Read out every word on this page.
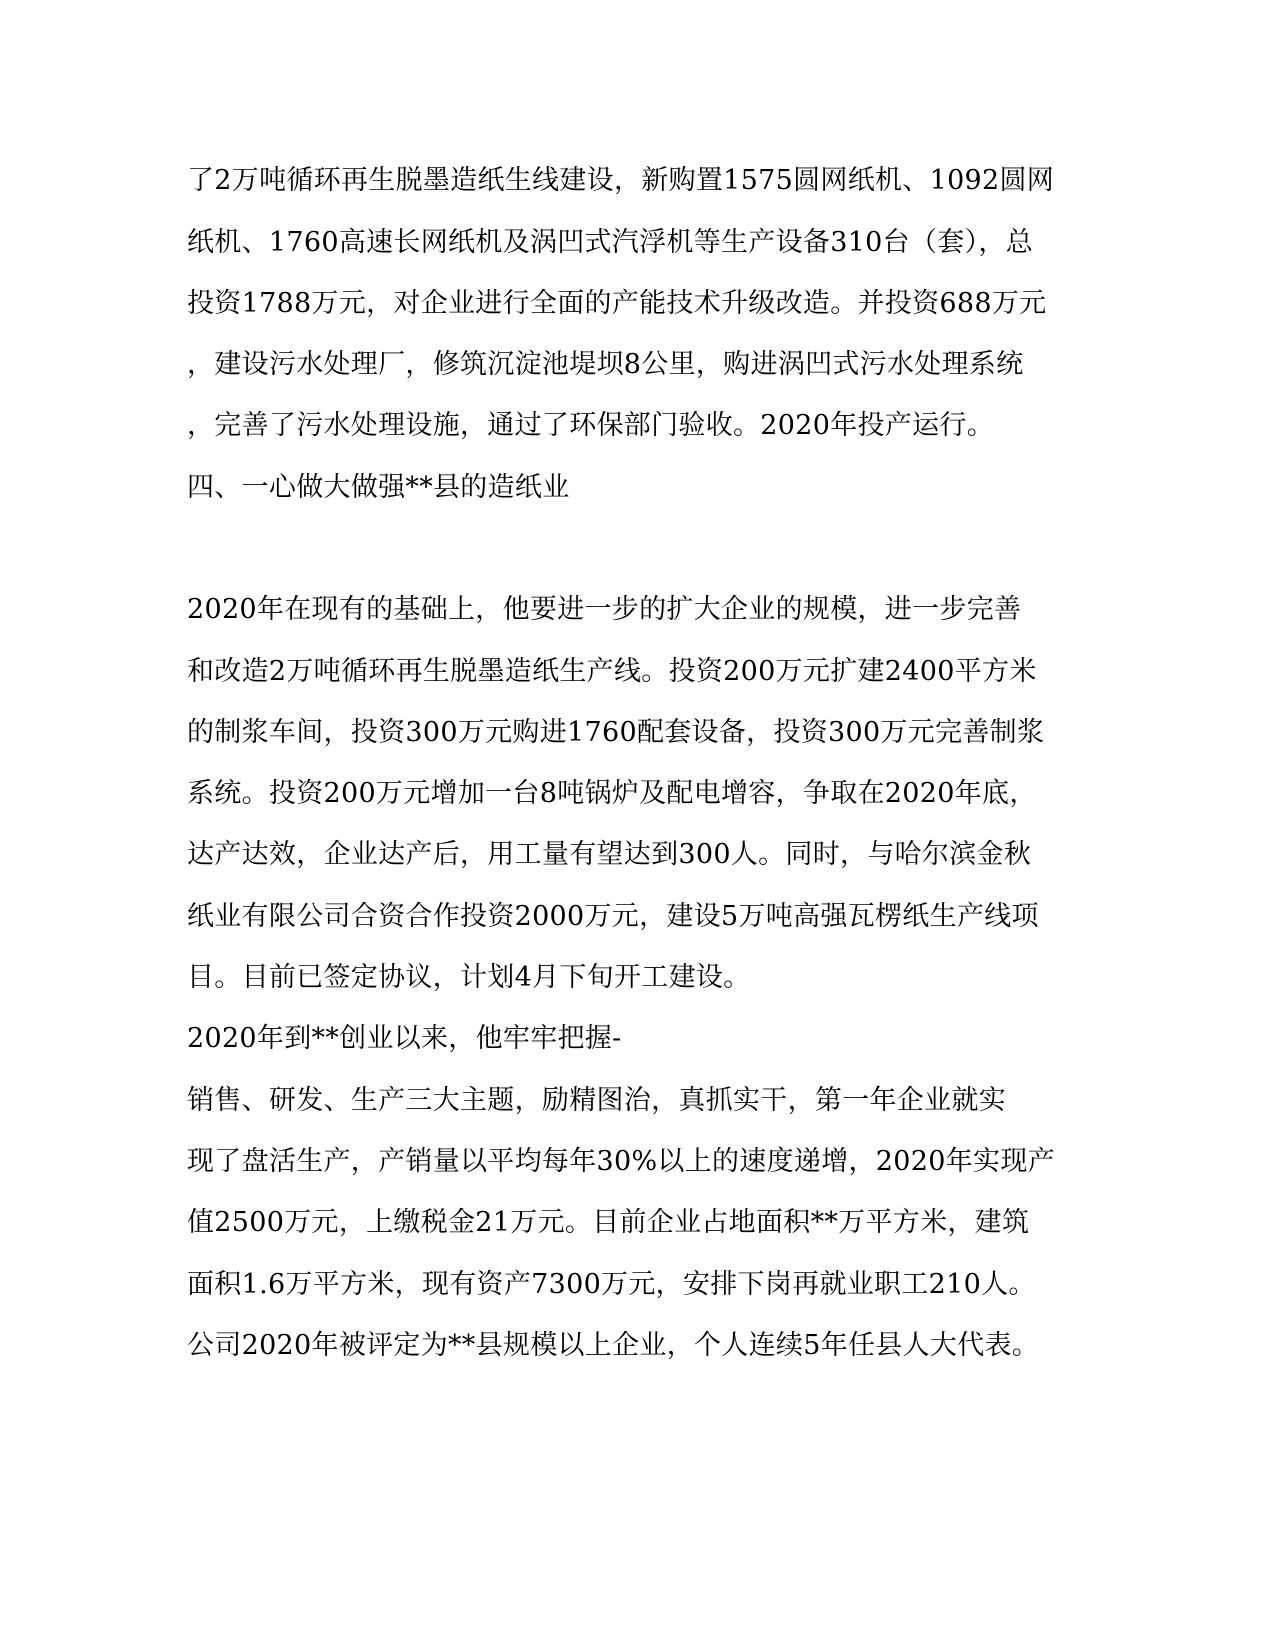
了2万吨循环再生脱墨造纸生线建设，新购置1575圆网纸机、1092圆网
纸机、1760高速长网纸机及涡凹式汽浮机等生产设备310台（套），总
投资1788万元，对企业进行全面的产能技术升级改造。并投资688万元
，建设污水处理厂，修筑沉淀池堤坝8公里，购进涡凹式污水处理系统
，完善了污水处理设施，通过了环保部门验收。2020年投产运行。
四、一心做大做强**县的造纸业
2020年在现有的基础上，他要进一步的扩大企业的规模，进一步完善
和改造2万吨循环再生脱墨造纸生产线。投资200万元扩建2400平方米
的制浆车间，投资300万元购进1760配套设备，投资300万元完善制浆
系统。投资200万元增加一台8吨锅炉及配电增容，争取在2020年底，
达产达效，企业达产后，用工量有望达到300人。同时，与哈尔滨金秋
纸业有限公司合资合作投资2000万元，建设5万吨高强瓦楞纸生产线项
目。目前已签定协议，计划4月下旬开工建设。
2020年到**创业以来，他牢牢把握-
销售、研发、生产三大主题，励精图治，真抓实干，第一年企业就实
现了盘活生产，产销量以平均每年30%以上的速度递增，2020年实现产
值2500万元，上缴税金21万元。目前企业占地面积**万平方米，建筑
面积1.6万平方米，现有资产7300万元，安排下岗再就业职工210人。
公司2020年被评定为**县规模以上企业，个人连续5年任县人大代表。
